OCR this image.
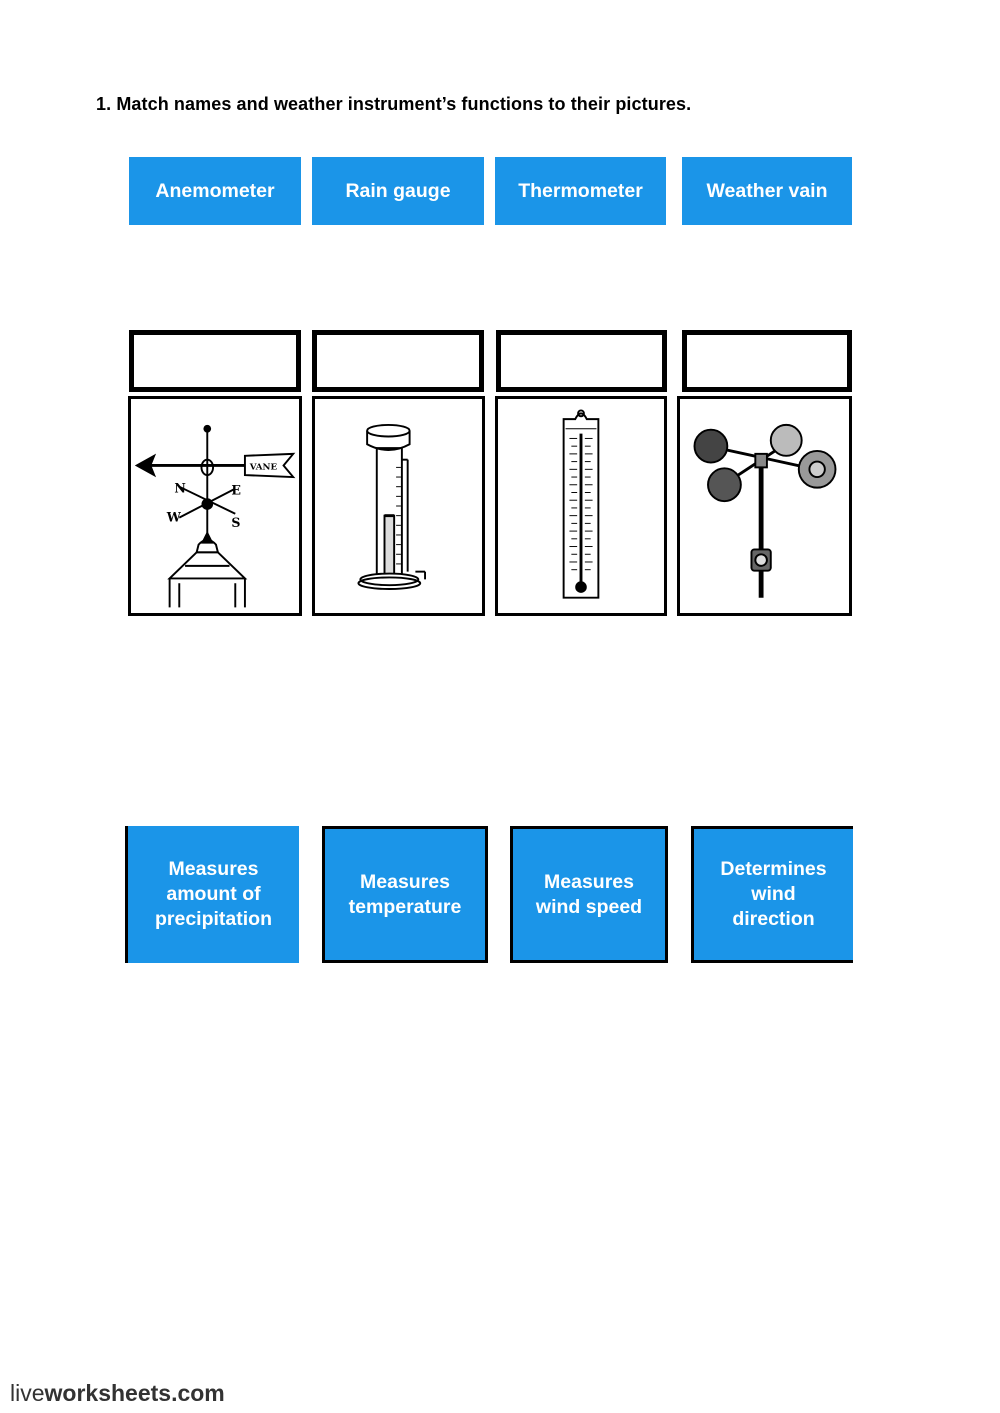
1. Match names and weather instrument’s functions to their pictures.
Anemometer	Rain gauge	Thermometer	Weather vain
VANE
N	E
S
W
Measures
amount of
precipitation
Measures
temperature
Measures
wind speed
Determines
wind
direction
liveworksheets.com
